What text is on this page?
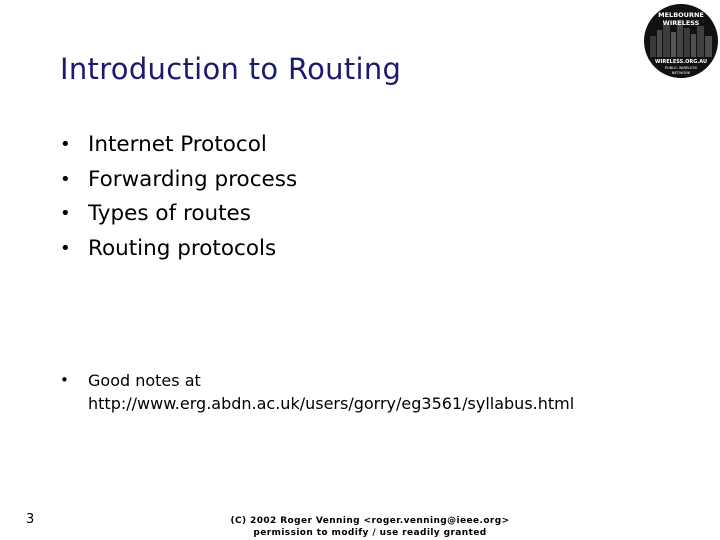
Introduction to Routing
• Internet Protocol
• Forwarding process
• Types of routes
• Routing protocols
• Good notes at
http://www.erg.abdn.ac.uk/users/gorry/eg3561/syllabus.html
3	(C) 2002 Roger Venning <roger.venning@ieee.org>
permission to modify / use readily granted
MELBOURNE
WIRELESS
WIRELESS.ORG.AU
PUBLIC WIRELESS
NETWORK
